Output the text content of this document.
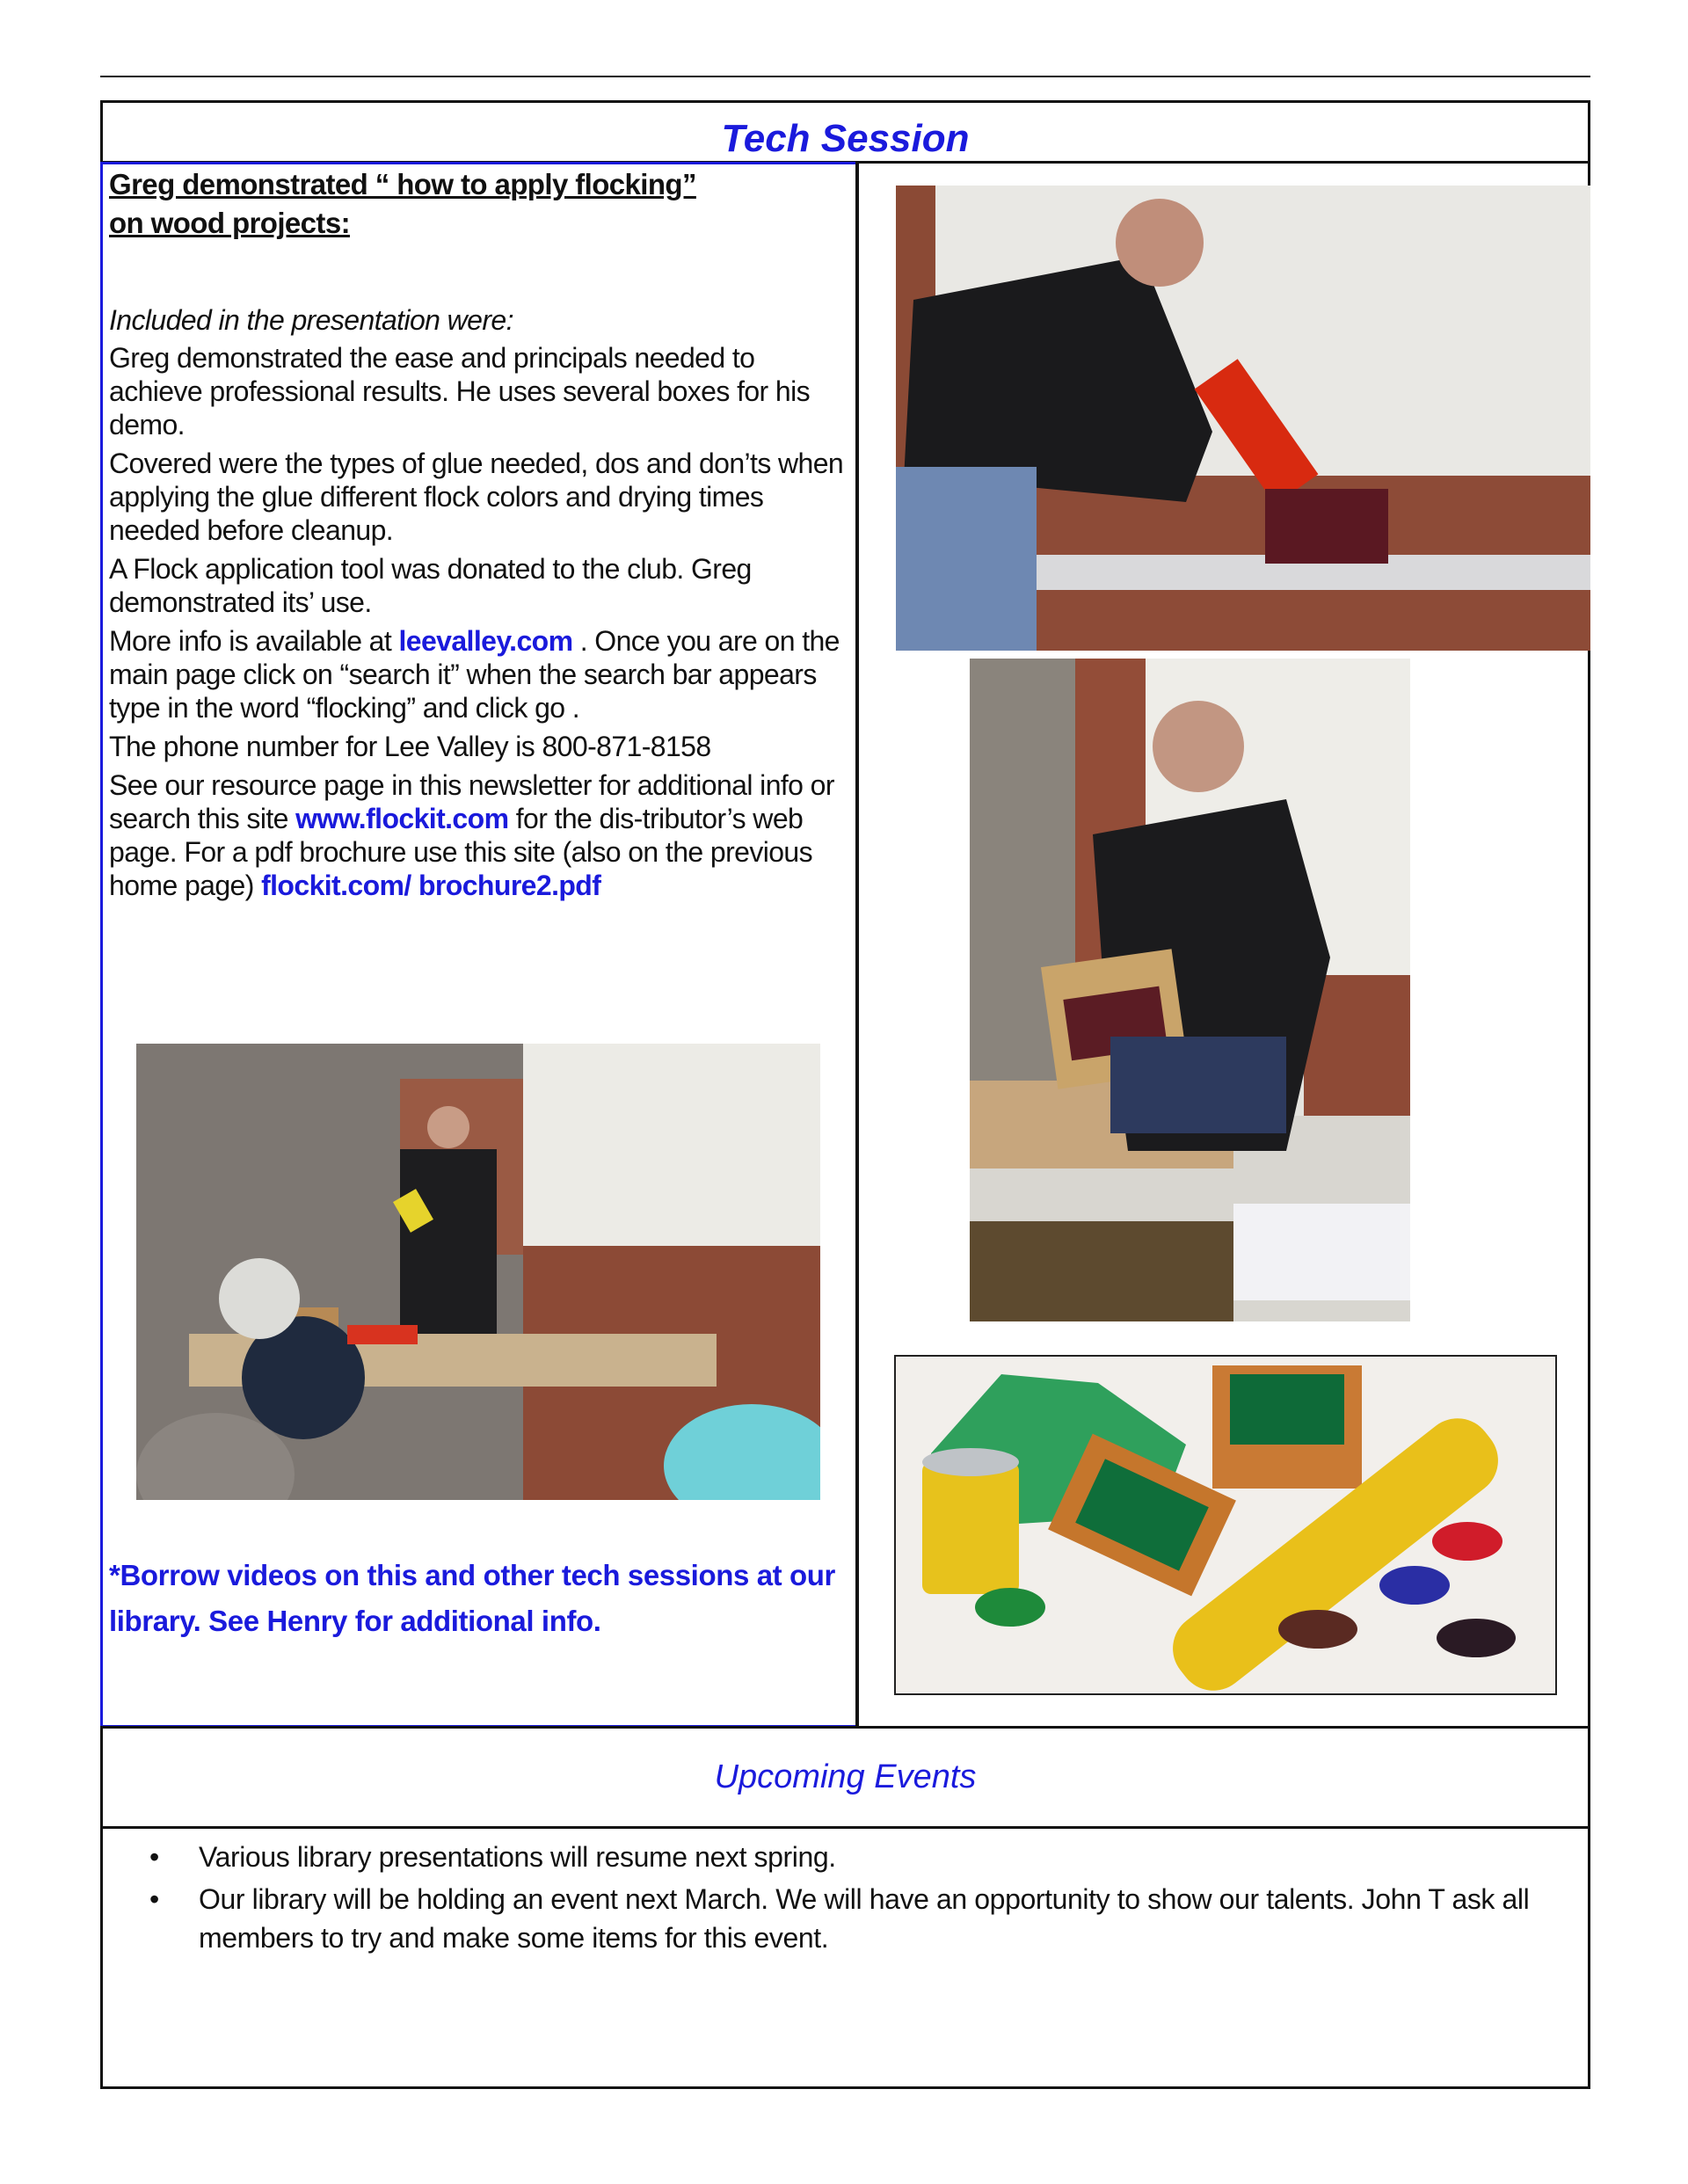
Tech Session
Greg demonstrated “ how to apply flocking”
on wood projects:
Included in the presentation were:
Greg demonstrated the ease and principals needed to achieve professional results. He uses several boxes for his demo.
Covered were the types of glue needed, dos and don’ts when applying the glue different flock colors and drying times needed before cleanup.
A Flock application tool was donated to the club. Greg demonstrated its’ use.
More info is available at leevalley.com . Once you are on the main page click on “search it” when the search bar appears type in the word “flocking” and click go .
The phone number for Lee Valley is 800-871-8158
See our resource page in this newsletter for additional info or search this site www.flockit.com for the dis-tributor’s web page. For a pdf brochure use this site (also on the previous home page) flockit.com/ brochure2.pdf
*Borrow videos on this and other tech sessions at our library. See Henry for additional info.
Upcoming Events
• Various library presentations will resume next spring.
• Our library will be holding an event next March. We will have an opportunity to show our talents. John T ask all members to try and make some items for this event.
